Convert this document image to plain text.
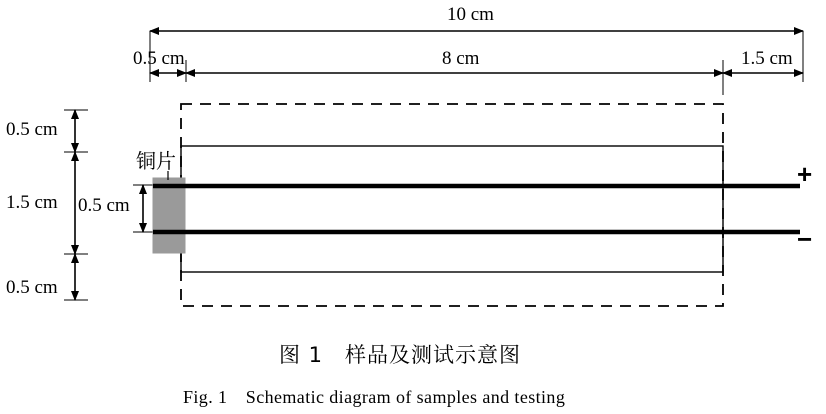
10 cm
0.5 cm	8 cm	1.5 cm
0.5 cm
1.5 cm
0.5 cm
0.5 cm
铜片	+
−
图 1　样品及测试示意图
Fig. 1　Schematic diagram of samples and testing
